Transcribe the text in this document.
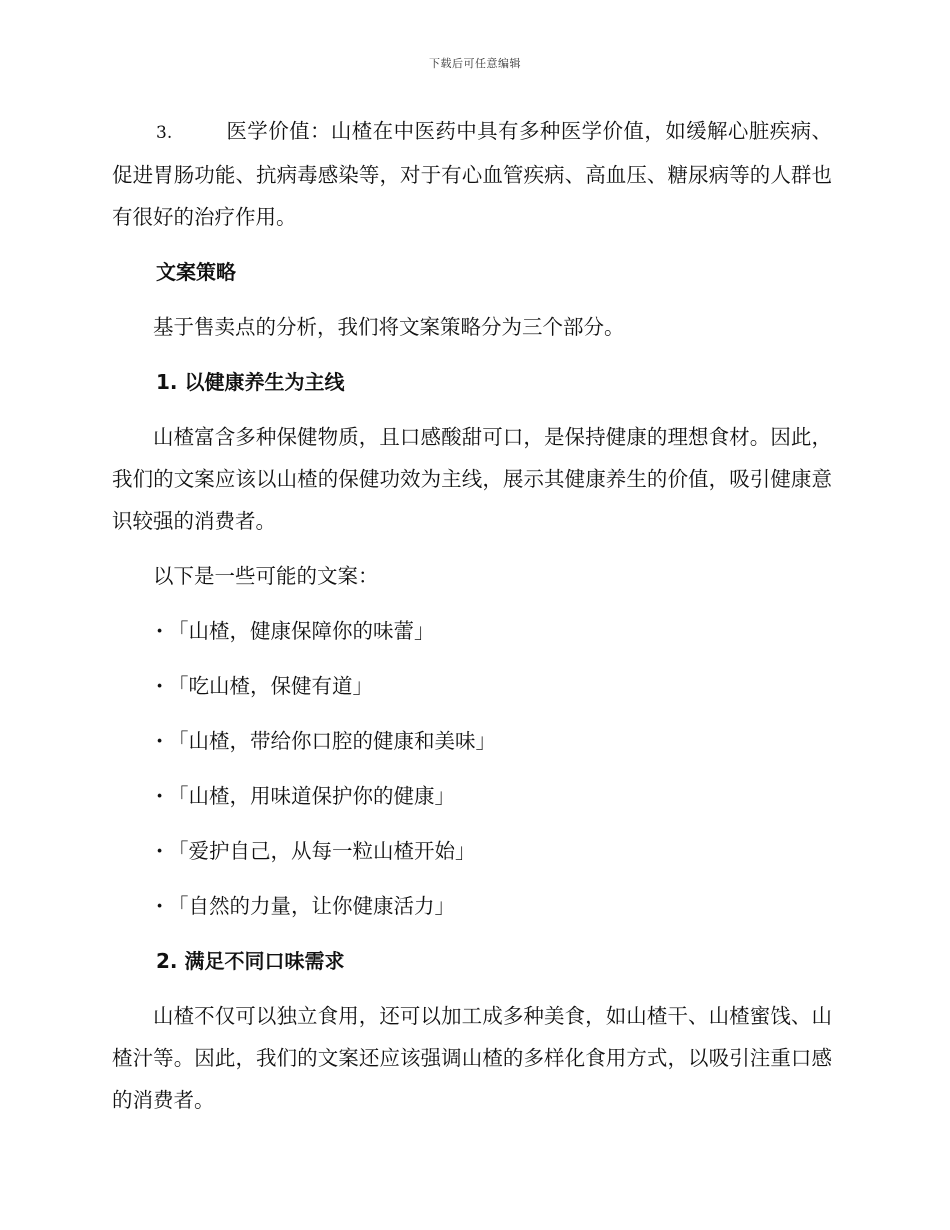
下载后可任意编辑

3.	医学价值：山楂在中医药中具有多种医学价值，如缓解心脏疾病、促进胃肠功能、抗病毒感染等，对于有心血管疾病、高血压、糖尿病等的人群也有很好的治疗作用。

文案策略

基于售卖点的分析，我们将文案策略分为三个部分。

1. 以健康养生为主线

山楂富含多种保健物质，且口感酸甜可口，是保持健康的理想食材。因此，我们的文案应该以山楂的保健功效为主线，展示其健康养生的价值，吸引健康意识较强的消费者。

以下是一些可能的文案：

· 「山楂，健康保障你的味蕾」
· 「吃山楂，保健有道」
· 「山楂，带给你口腔的健康和美味」
· 「山楂，用味道保护你的健康」
· 「爱护自己，从每一粒山楂开始」
· 「自然的力量，让你健康活力」
2. 满足不同口味需求

山楂不仅可以独立食用，还可以加工成多种美食，如山楂干、山楂蜜饯、山楂汁等。因此，我们的文案还应该强调山楂的多样化食用方式，以吸引注重口感的消费者。
